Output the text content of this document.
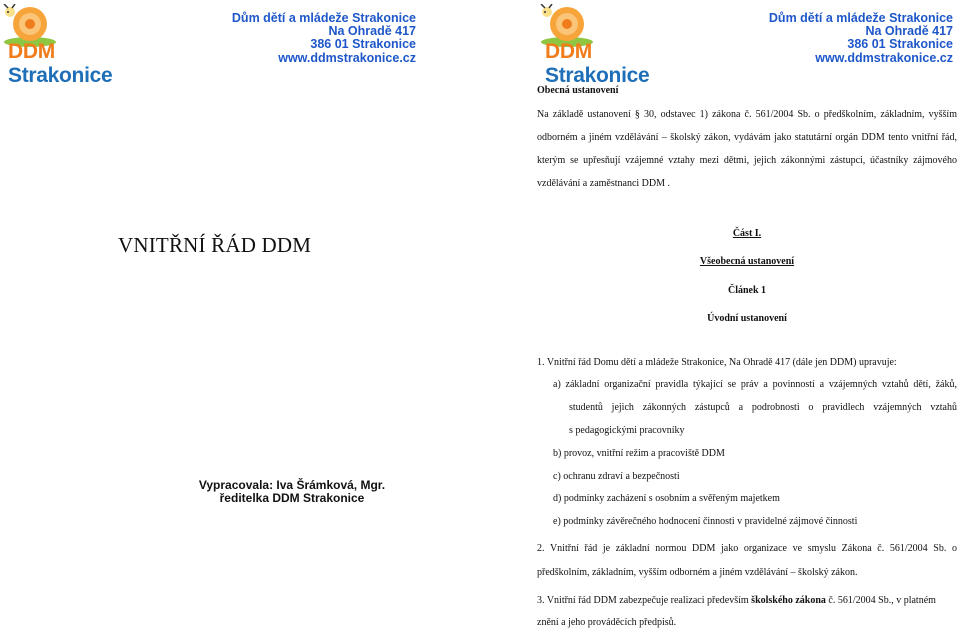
DDM Strakonice
Dům dětí a mládeže Strakonice
Na Ohradě 417
386 01 Strakonice
www.ddmstrakonice.cz	DDM Strakonice
Dům dětí a mládeže Strakonice
Na Ohradě 417
386 01 Strakonice
www.ddmstrakonice.cz
VNITŘNÍ ŘÁD DDM
Vypracovala: Iva Šrámková, Mgr.
ředitelka DDM Strakonice
Obecná ustanovení
Na základě ustanovení § 30, odstavec 1) zákona č. 561/2004 Sb. o předškolním, základním, vyšším
odborném a jiném vzdělávání – školský zákon, vydávám jako statutární orgán DDM tento vnitřní řád,
kterým se upřesňují vzájemné vztahy mezi dětmi, jejich zákonnými zástupci, účastníky zájmového
vzdělávání a zaměstnanci DDM .
Část I.
Všeobecná ustanovení
Článek 1
Úvodní ustanovení
1. Vnitřní řád Domu dětí a mládeže Strakonice, Na Ohradě 417 (dále jen DDM) upravuje:
a) základní organizační pravidla týkající se práv a povinností a vzájemných vztahů dětí, žáků,
studentů jejich zákonných zástupců a podrobnosti o pravidlech vzájemných vztahů
s pedagogickými pracovníky
b) provoz, vnitřní režim a pracoviště DDM
c) ochranu zdraví a bezpečnosti
d) podmínky zacházení s osobním a svěřeným majetkem
e) podmínky závěrečného hodnocení činnosti v pravidelné zájmové činnosti
2. Vnitřní řád je základní normou DDM jako organizace ve smyslu Zákona č. 561/2004 Sb. o
předškolním, základním, vyšším odborném a jiném vzdělávání – školský zákon.
3. Vnitřní řád DDM zabezpečuje realizaci především školského zákona č. 561/2004 Sb., v platném
znění a jeho prováděcích předpisů.
